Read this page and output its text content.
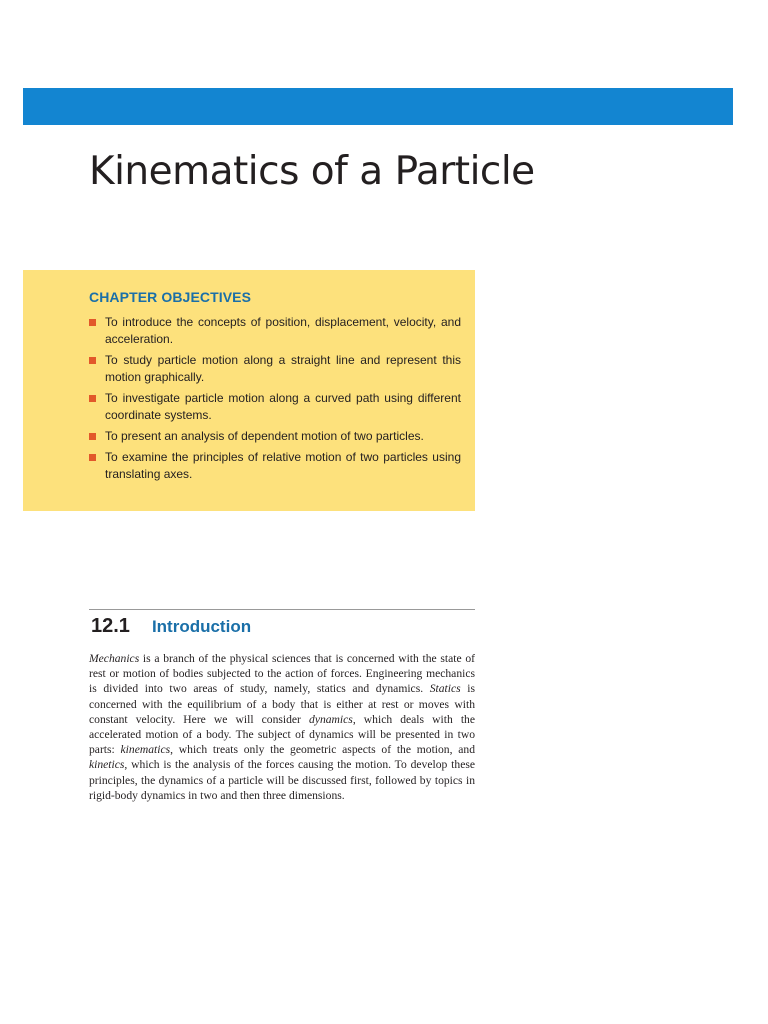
Kinematics of a Particle
CHAPTER OBJECTIVES
To introduce the concepts of position, displacement, velocity, and acceleration.
To study particle motion along a straight line and represent this motion graphically.
To investigate particle motion along a curved path using different coordinate systems.
To present an analysis of dependent motion of two particles.
To examine the principles of relative motion of two particles using translating axes.
12.1 Introduction

Mechanics is a branch of the physical sciences that is concerned with the state of rest or motion of bodies subjected to the action of forces. Engineering mechanics is divided into two areas of study, namely, statics and dynamics. Statics is concerned with the equilibrium of a body that is either at rest or moves with constant velocity. Here we will consider dynamics, which deals with the accelerated motion of a body. The subject of dynamics will be presented in two parts: kinematics, which treats only the geometric aspects of the motion, and kinetics, which is the analysis of the forces causing the motion. To develop these principles, the dynamics of a particle will be discussed first, followed by topics in rigid-body dynamics in two and then three dimensions.
